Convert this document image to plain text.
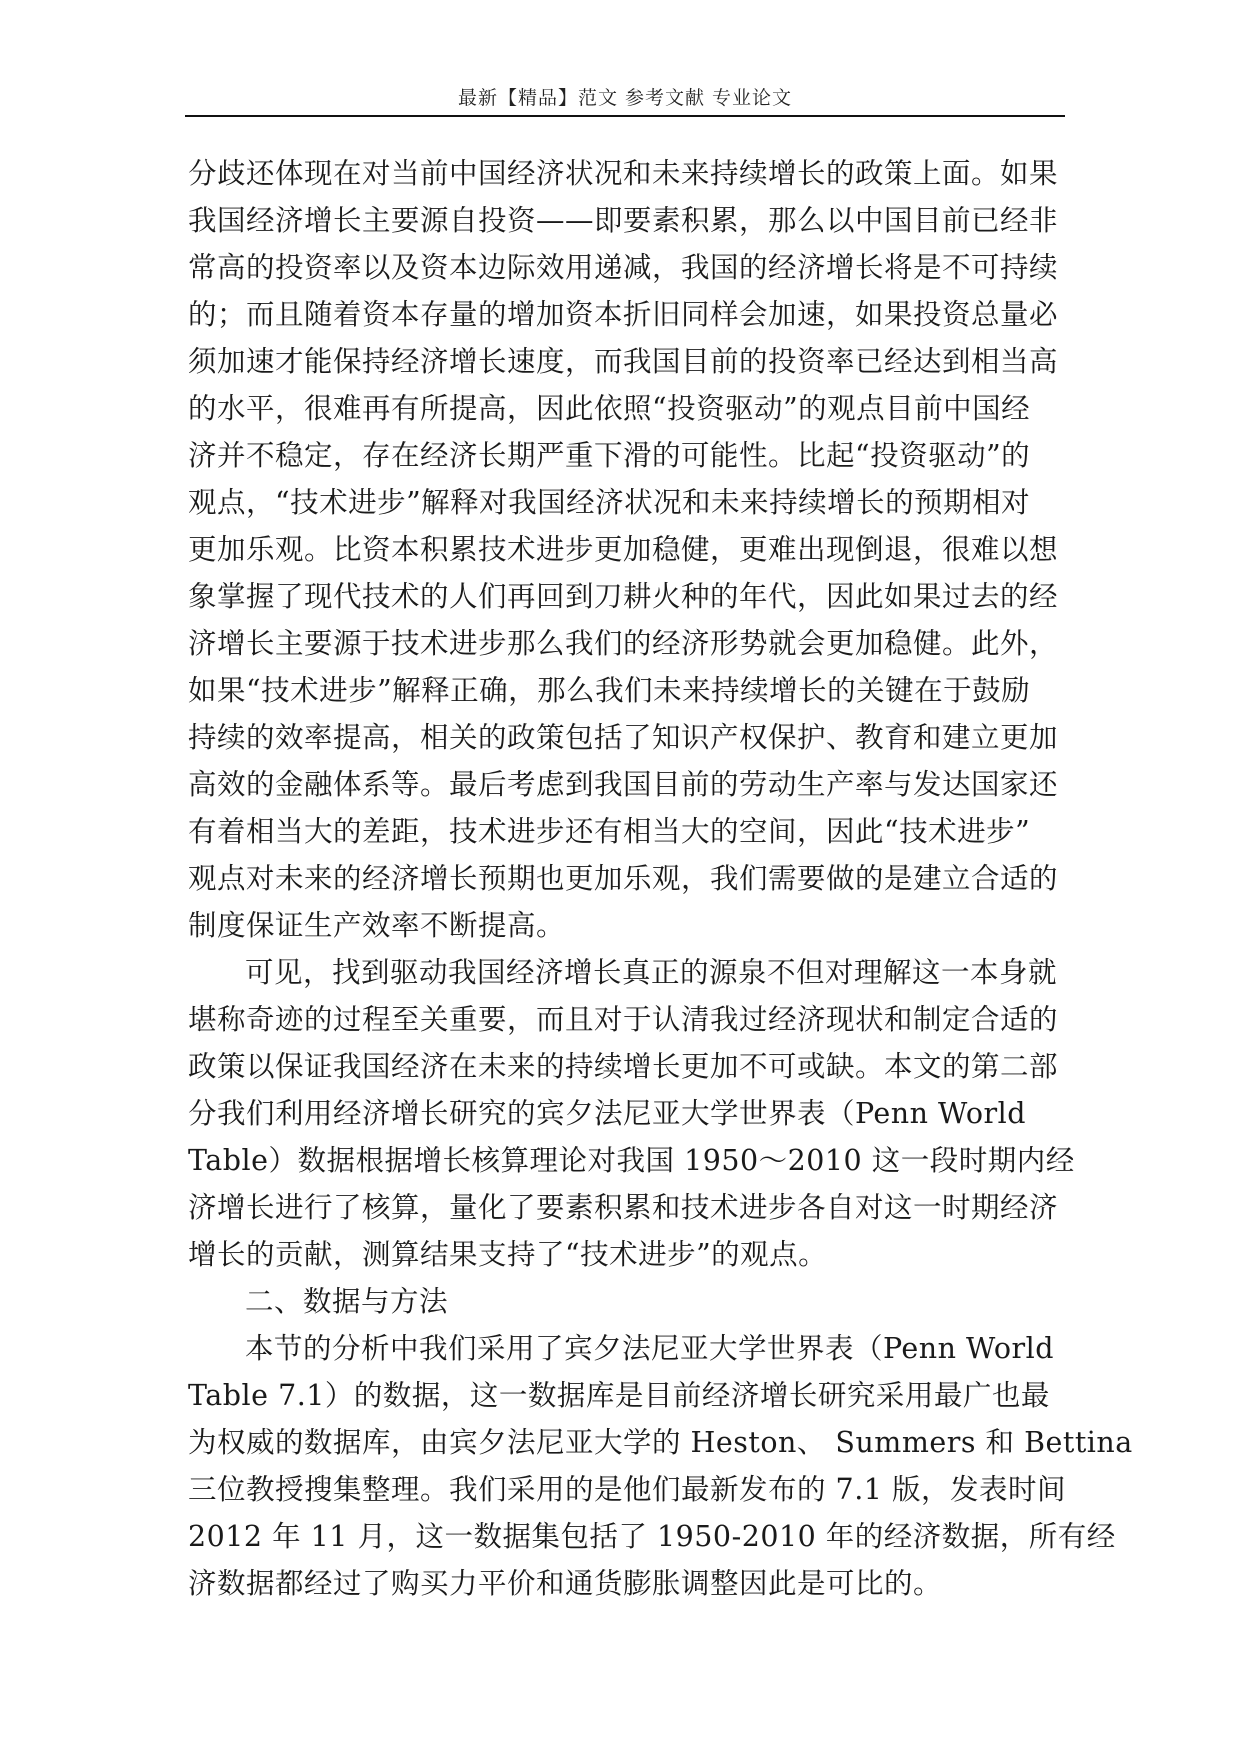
最新【精品】范文 参考文献 专业论文
分歧还体现在对当前中国经济状况和未来持续增长的政策上面。如果
我国经济增长主要源自投资——即要素积累，那么以中国目前已经非
常高的投资率以及资本边际效用递减，我国的经济增长将是不可持续
的；而且随着资本存量的增加资本折旧同样会加速，如果投资总量必
须加速才能保持经济增长速度，而我国目前的投资率已经达到相当高
的水平，很难再有所提高，因此依照“投资驱动”的观点目前中国经
济并不稳定，存在经济长期严重下滑的可能性。比起“投资驱动”的
观点，“技术进步”解释对我国经济状况和未来持续增长的预期相对
更加乐观。比资本积累技术进步更加稳健，更难出现倒退，很难以想
象掌握了现代技术的人们再回到刀耕火种的年代，因此如果过去的经
济增长主要源于技术进步那么我们的经济形势就会更加稳健。此外，
如果“技术进步”解释正确，那么我们未来持续增长的关键在于鼓励
持续的效率提高，相关的政策包括了知识产权保护、教育和建立更加
高效的金融体系等。最后考虑到我国目前的劳动生产率与发达国家还
有着相当大的差距，技术进步还有相当大的空间，因此“技术进步”
观点对未来的经济增长预期也更加乐观，我们需要做的是建立合适的
制度保证生产效率不断提高。
可见，找到驱动我国经济增长真正的源泉不但对理解这一本身就
堪称奇迹的过程至关重要，而且对于认清我过经济现状和制定合适的
政策以保证我国经济在未来的持续增长更加不可或缺。本文的第二部
分我们利用经济增长研究的宾夕法尼亚大学世界表（Penn World
Table）数据根据增长核算理论对我国 1950～2010 这一段时期内经
济增长进行了核算，量化了要素积累和技术进步各自对这一时期经济
增长的贡献，测算结果支持了“技术进步”的观点。
二、数据与方法
本节的分析中我们采用了宾夕法尼亚大学世界表（Penn World
Table 7.1）的数据，这一数据库是目前经济增长研究采用最广也最
为权威的数据库，由宾夕法尼亚大学的 Heston、 Summers 和 Bettina
三位教授搜集整理。我们采用的是他们最新发布的 7.1 版，发表时间
2012 年 11 月，这一数据集包括了 1950-2010 年的经济数据，所有经
济数据都经过了购买力平价和通货膨胀调整因此是可比的。
